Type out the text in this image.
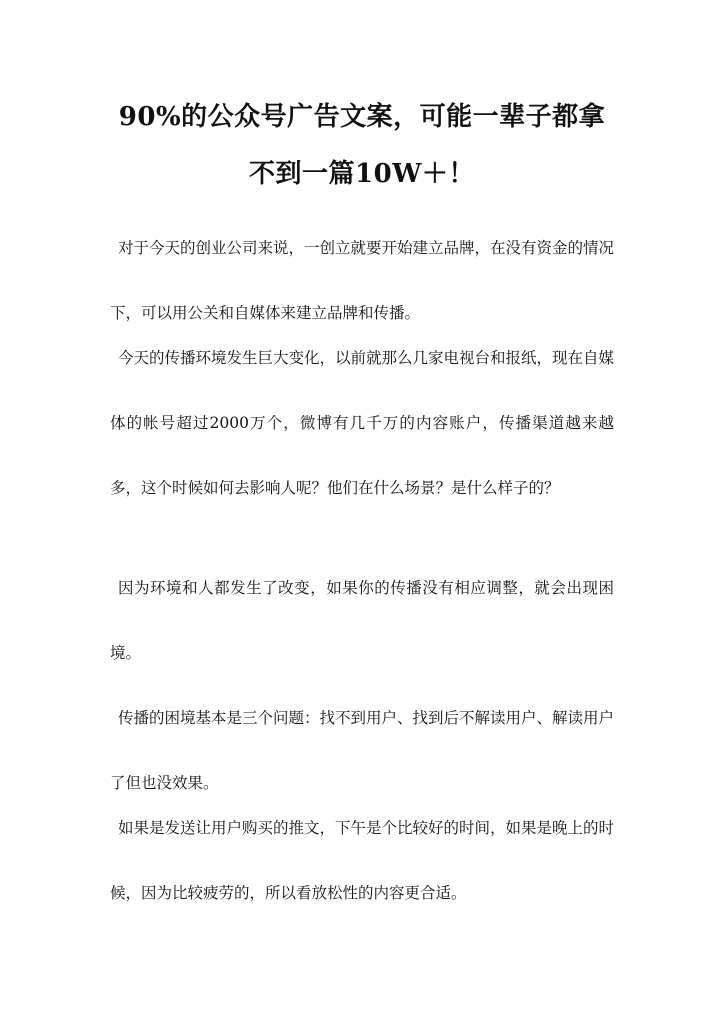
90%的公众号广告文案，可能一辈子都拿
不到一篇10W＋！

对于今天的创业公司来说，一创立就要开始建立品牌，在没有资金的情况下，可以用公关和自媒体来建立品牌和传播。

今天的传播环境发生巨大变化，以前就那么几家电视台和报纸，现在自媒体的帐号超过2000万个，微博有几千万的内容账户，传播渠道越来越多，这个时候如何去影响人呢？他们在什么场景？是什么样子的？

因为环境和人都发生了改变，如果你的传播没有相应调整，就会出现困境。

传播的困境基本是三个问题：找不到用户、找到后不解读用户、解读用户了但也没效果。

如果是发送让用户购买的推文，下午是个比较好的时间，如果是晚上的时候，因为比较疲劳的，所以看放松性的内容更合适。
